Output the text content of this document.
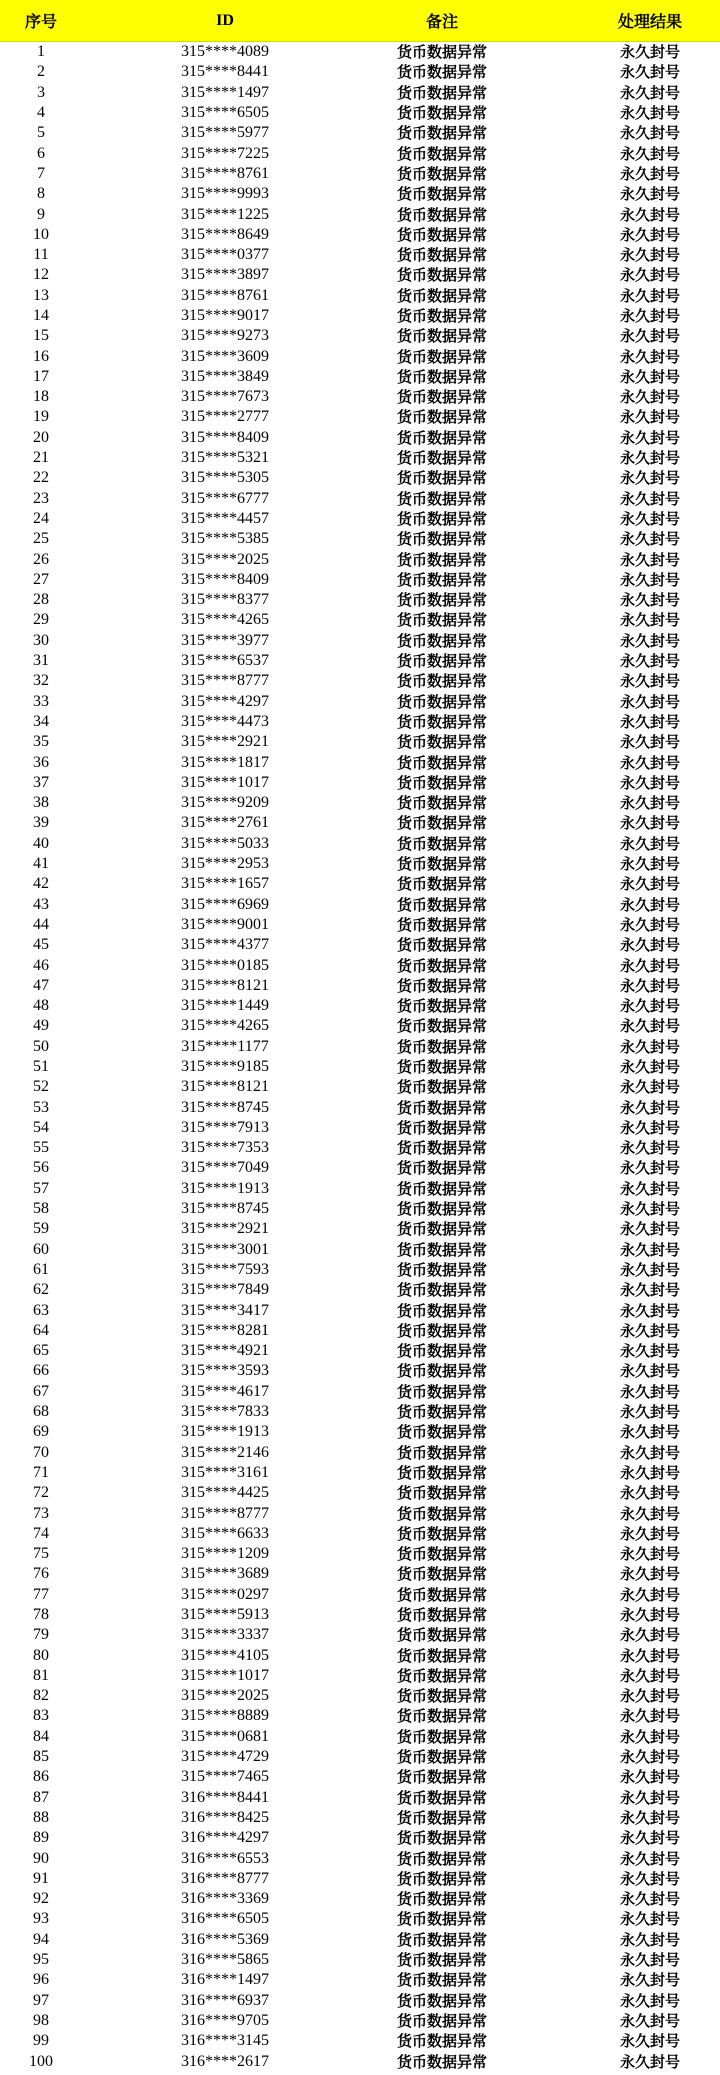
序号	ID	备注	处理结果
1	315****4089	货币数据异常	永久封号
2	315****8441	货币数据异常	永久封号
3	315****1497	货币数据异常	永久封号
4	315****6505	货币数据异常	永久封号
5	315****5977	货币数据异常	永久封号
6	315****7225	货币数据异常	永久封号
7	315****8761	货币数据异常	永久封号
8	315****9993	货币数据异常	永久封号
9	315****1225	货币数据异常	永久封号
10	315****8649	货币数据异常	永久封号
11	315****0377	货币数据异常	永久封号
12	315****3897	货币数据异常	永久封号
13	315****8761	货币数据异常	永久封号
14	315****9017	货币数据异常	永久封号
15	315****9273	货币数据异常	永久封号
16	315****3609	货币数据异常	永久封号
17	315****3849	货币数据异常	永久封号
18	315****7673	货币数据异常	永久封号
19	315****2777	货币数据异常	永久封号
20	315****8409	货币数据异常	永久封号
21	315****5321	货币数据异常	永久封号
22	315****5305	货币数据异常	永久封号
23	315****6777	货币数据异常	永久封号
24	315****4457	货币数据异常	永久封号
25	315****5385	货币数据异常	永久封号
26	315****2025	货币数据异常	永久封号
27	315****8409	货币数据异常	永久封号
28	315****8377	货币数据异常	永久封号
29	315****4265	货币数据异常	永久封号
30	315****3977	货币数据异常	永久封号
31	315****6537	货币数据异常	永久封号
32	315****8777	货币数据异常	永久封号
33	315****4297	货币数据异常	永久封号
34	315****4473	货币数据异常	永久封号
35	315****2921	货币数据异常	永久封号
36	315****1817	货币数据异常	永久封号
37	315****1017	货币数据异常	永久封号
38	315****9209	货币数据异常	永久封号
39	315****2761	货币数据异常	永久封号
40	315****5033	货币数据异常	永久封号
41	315****2953	货币数据异常	永久封号
42	315****1657	货币数据异常	永久封号
43	315****6969	货币数据异常	永久封号
44	315****9001	货币数据异常	永久封号
45	315****4377	货币数据异常	永久封号
46	315****0185	货币数据异常	永久封号
47	315****8121	货币数据异常	永久封号
48	315****1449	货币数据异常	永久封号
49	315****4265	货币数据异常	永久封号
50	315****1177	货币数据异常	永久封号
51	315****9185	货币数据异常	永久封号
52	315****8121	货币数据异常	永久封号
53	315****8745	货币数据异常	永久封号
54	315****7913	货币数据异常	永久封号
55	315****7353	货币数据异常	永久封号
56	315****7049	货币数据异常	永久封号
57	315****1913	货币数据异常	永久封号
58	315****8745	货币数据异常	永久封号
59	315****2921	货币数据异常	永久封号
60	315****3001	货币数据异常	永久封号
61	315****7593	货币数据异常	永久封号
62	315****7849	货币数据异常	永久封号
63	315****3417	货币数据异常	永久封号
64	315****8281	货币数据异常	永久封号
65	315****4921	货币数据异常	永久封号
66	315****3593	货币数据异常	永久封号
67	315****4617	货币数据异常	永久封号
68	315****7833	货币数据异常	永久封号
69	315****1913	货币数据异常	永久封号
70	315****2146	货币数据异常	永久封号
71	315****3161	货币数据异常	永久封号
72	315****4425	货币数据异常	永久封号
73	315****8777	货币数据异常	永久封号
74	315****6633	货币数据异常	永久封号
75	315****1209	货币数据异常	永久封号
76	315****3689	货币数据异常	永久封号
77	315****0297	货币数据异常	永久封号
78	315****5913	货币数据异常	永久封号
79	315****3337	货币数据异常	永久封号
80	315****4105	货币数据异常	永久封号
81	315****1017	货币数据异常	永久封号
82	315****2025	货币数据异常	永久封号
83	315****8889	货币数据异常	永久封号
84	315****0681	货币数据异常	永久封号
85	315****4729	货币数据异常	永久封号
86	315****7465	货币数据异常	永久封号
87	316****8441	货币数据异常	永久封号
88	316****8425	货币数据异常	永久封号
89	316****4297	货币数据异常	永久封号
90	316****6553	货币数据异常	永久封号
91	316****8777	货币数据异常	永久封号
92	316****3369	货币数据异常	永久封号
93	316****6505	货币数据异常	永久封号
94	316****5369	货币数据异常	永久封号
95	316****5865	货币数据异常	永久封号
96	316****1497	货币数据异常	永久封号
97	316****6937	货币数据异常	永久封号
98	316****9705	货币数据异常	永久封号
99	316****3145	货币数据异常	永久封号
100	316****2617	货币数据异常	永久封号
